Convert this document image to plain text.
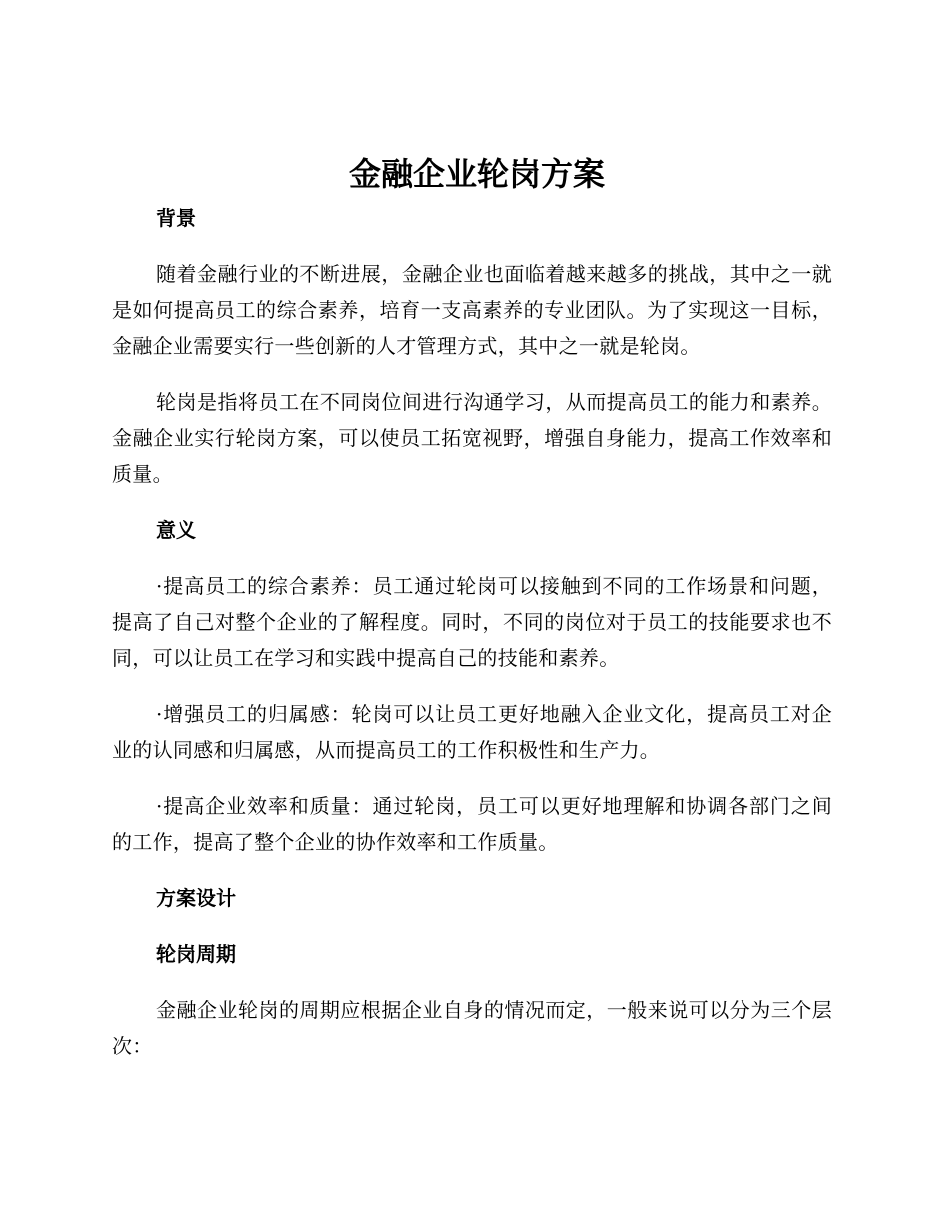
金融企业轮岗方案

背景

随着金融行业的不断进展，金融企业也面临着越来越多的挑战，其中之一就是如何提高员工的综合素养，培育一支高素养的专业团队。为了实现这一目标，金融企业需要实行一些创新的人才管理方式，其中之一就是轮岗。

轮岗是指将员工在不同岗位间进行沟通学习，从而提高员工的能力和素养。金融企业实行轮岗方案，可以使员工拓宽视野，增强自身能力，提高工作效率和质量。

意义

·提高员工的综合素养：员工通过轮岗可以接触到不同的工作场景和问题，提高了自己对整个企业的了解程度。同时，不同的岗位对于员工的技能要求也不同，可以让员工在学习和实践中提高自己的技能和素养。

·增强员工的归属感：轮岗可以让员工更好地融入企业文化，提高员工对企业的认同感和归属感，从而提高员工的工作积极性和生产力。

·提高企业效率和质量：通过轮岗，员工可以更好地理解和协调各部门之间的工作，提高了整个企业的协作效率和工作质量。

方案设计

轮岗周期

金融企业轮岗的周期应根据企业自身的情况而定，一般来说可以分为三个层次：
